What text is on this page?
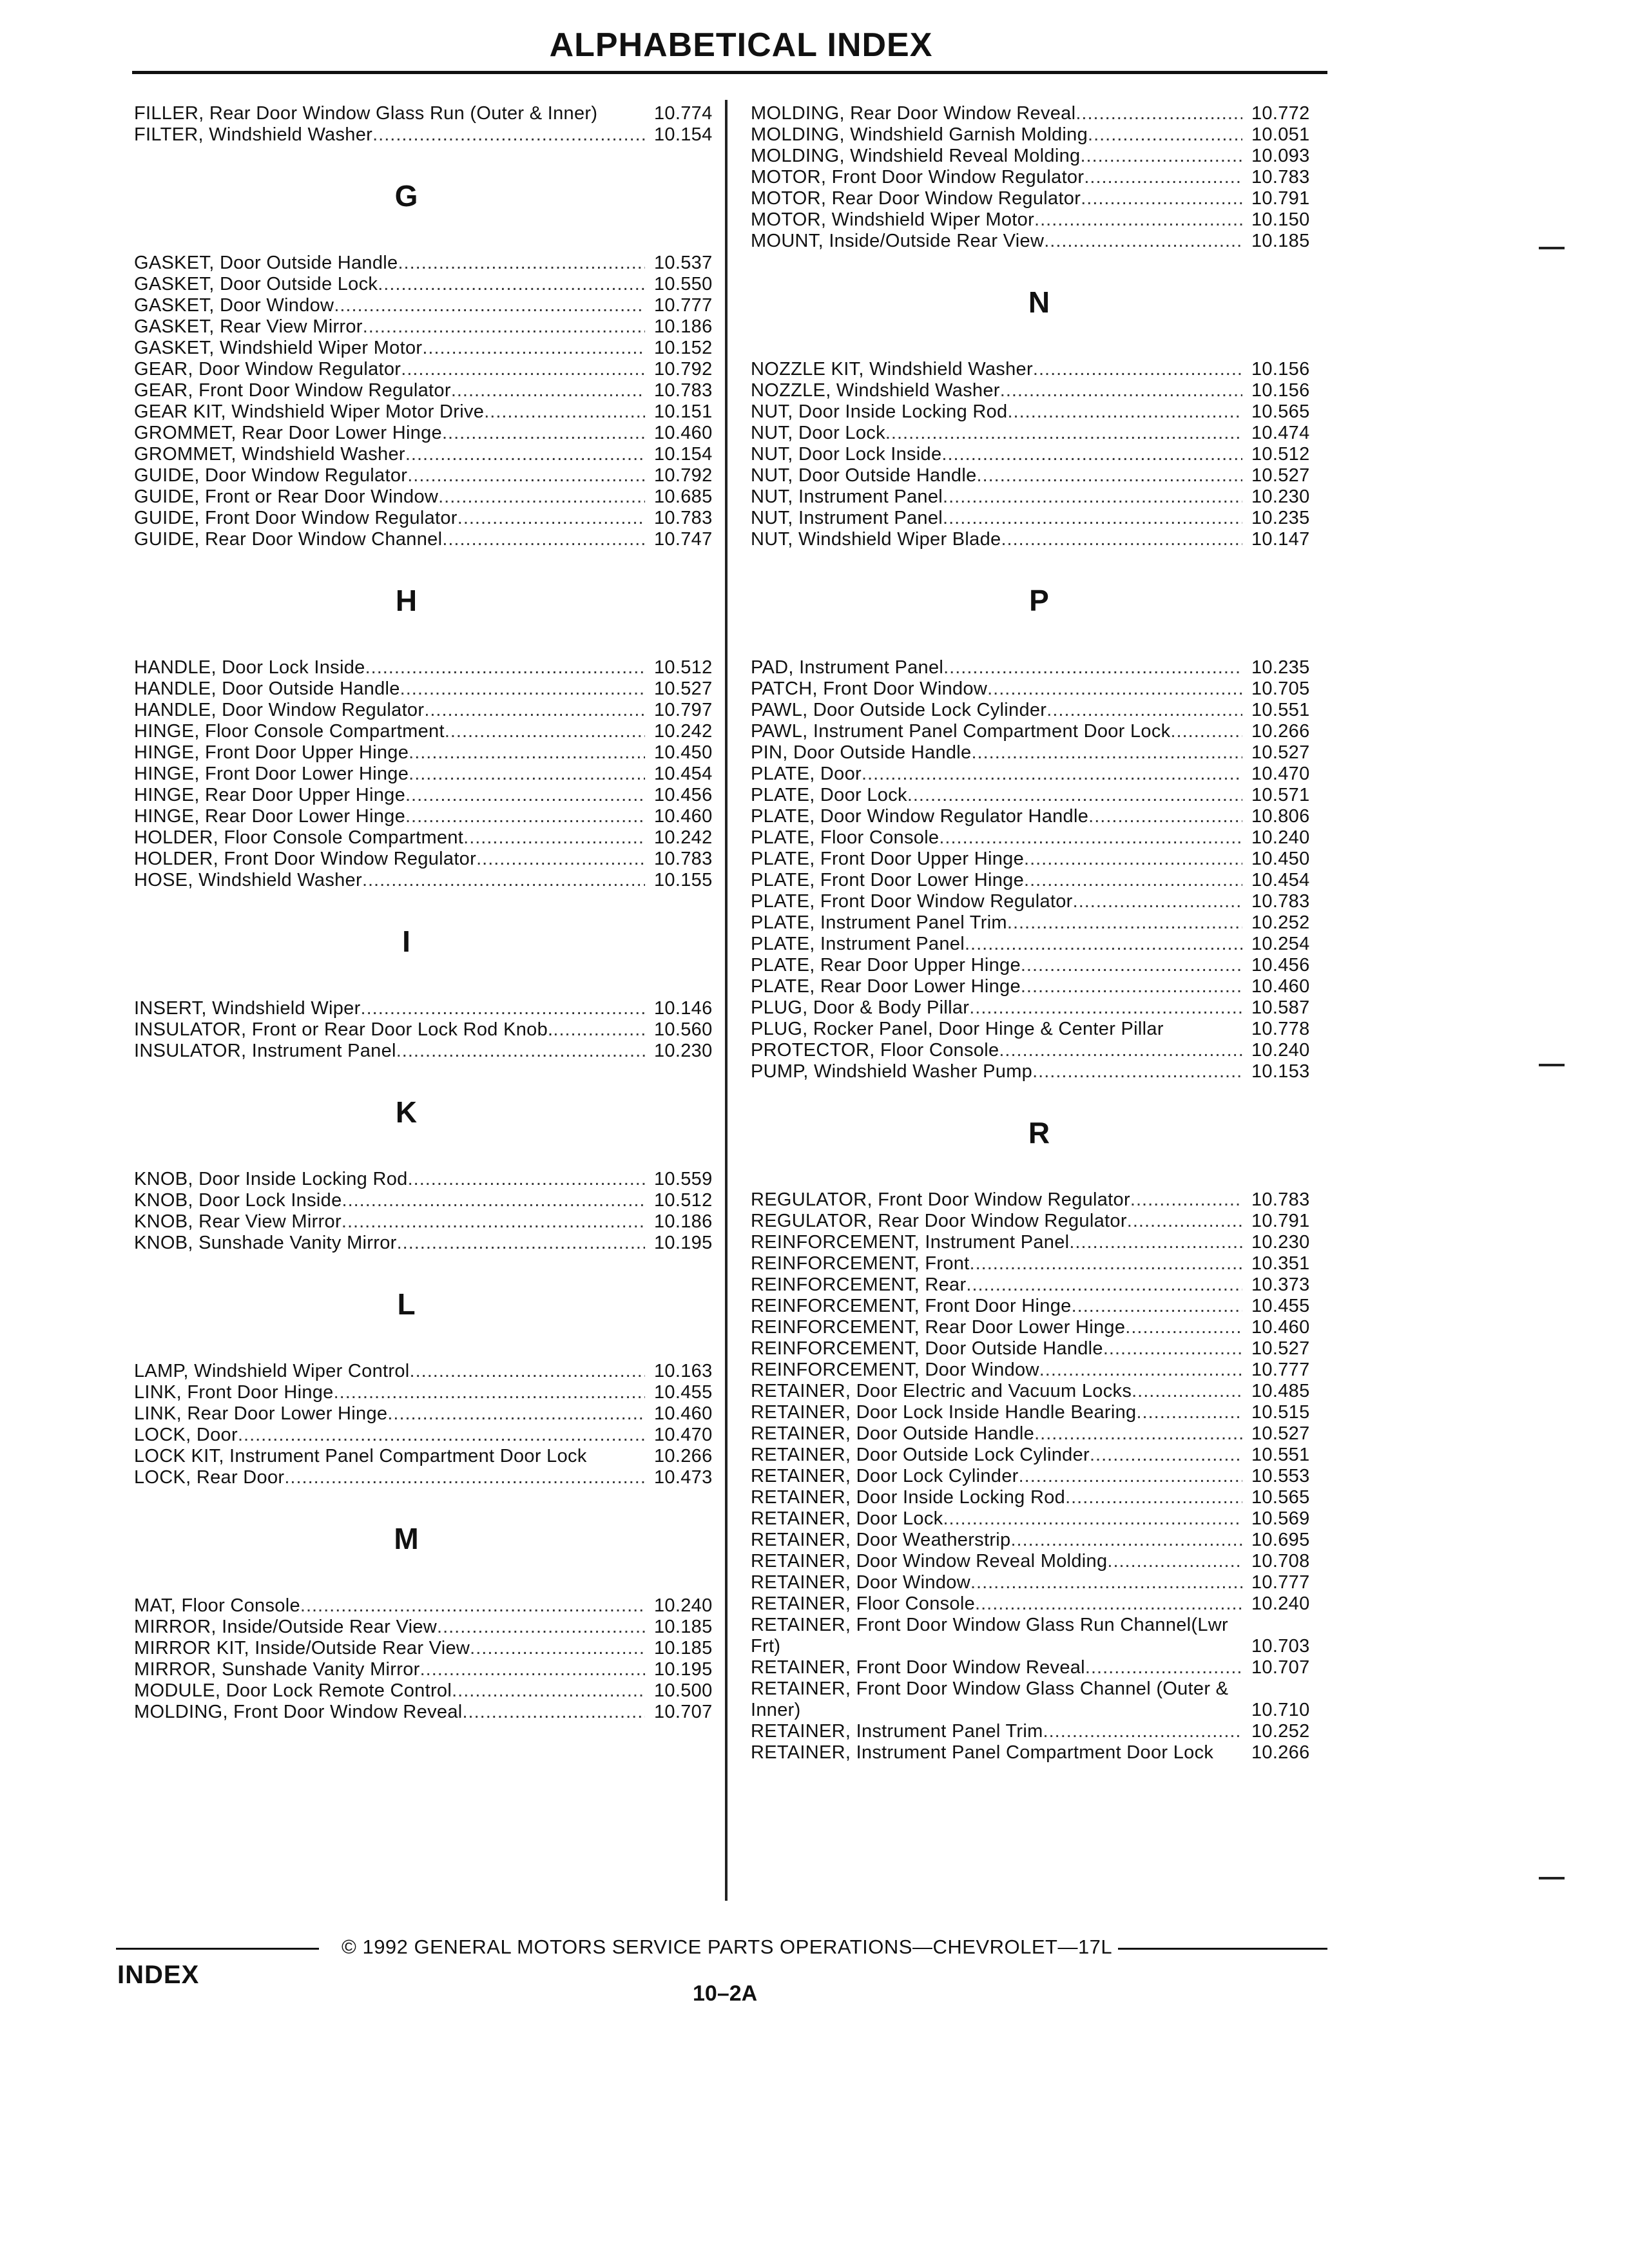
ALPHABETICAL INDEX
FILLER, Rear Door Window Glass Run (Outer & Inner)	10.774
FILTER, Windshield Washer .....	10.154
G
GASKET, Door Outside Handle .....	10.537
GASKET, Door Outside Lock .....	10.550
GASKET, Door Window .....	10.777
GASKET, Rear View Mirror .....	10.186
GASKET, Windshield Wiper Motor .....	10.152
GEAR, Door Window Regulator .....	10.792
GEAR, Front Door Window Regulator .....	10.783
GEAR KIT, Windshield Wiper Motor Drive .....	10.151
GROMMET, Rear Door Lower Hinge .....	10.460
GROMMET, Windshield Washer .....	10.154
GUIDE, Door Window Regulator .....	10.792
GUIDE, Front or Rear Door Window .....	10.685
GUIDE, Front Door Window Regulator .....	10.783
GUIDE, Rear Door Window Channel .....	10.747
H
HANDLE, Door Lock Inside .....	10.512
HANDLE, Door Outside Handle .....	10.527
HANDLE, Door Window Regulator .....	10.797
HINGE, Floor Console Compartment .....	10.242
HINGE, Front Door Upper Hinge .....	10.450
HINGE, Front Door Lower Hinge .....	10.454
HINGE, Rear Door Upper Hinge .....	10.456
HINGE, Rear Door Lower Hinge .....	10.460
HOLDER, Floor Console Compartment .....	10.242
HOLDER, Front Door Window Regulator .....	10.783
HOSE, Windshield Washer .....	10.155
I
INSERT, Windshield Wiper .....	10.146
INSULATOR, Front or Rear Door Lock Rod Knob. .....	10.560
INSULATOR, Instrument Panel .....	10.230
K
KNOB, Door Inside Locking Rod .....	10.559
KNOB, Door Lock Inside .....	10.512
KNOB, Rear View Mirror .....	10.186
KNOB, Sunshade Vanity Mirror .....	10.195
L
LAMP, Windshield Wiper Control .....	10.163
LINK, Front Door Hinge .....	10.455
LINK, Rear Door Lower Hinge .....	10.460
LOCK, Door .....	10.470
LOCK KIT, Instrument Panel Compartment Door Lock	10.266
LOCK, Rear Door .....	10.473
M
MAT, Floor Console .....	10.240
MIRROR, Inside/Outside Rear View .....	10.185
MIRROR KIT, Inside/Outside Rear View .....	10.185
MIRROR, Sunshade Vanity Mirror .....	10.195
MODULE, Door Lock Remote Control .....	10.500
MOLDING, Front Door Window Reveal .....	10.707
MOLDING, Rear Door Window Reveal .....	10.772
MOLDING, Windshield Garnish Molding .....	10.051
MOLDING, Windshield Reveal Molding .....	10.093
MOTOR, Front Door Window Regulator .....	10.783
MOTOR, Rear Door Window Regulator .....	10.791
MOTOR, Windshield Wiper Motor .....	10.150
MOUNT, Inside/Outside Rear View .....	10.185
N
NOZZLE KIT, Windshield Washer .....	10.156
NOZZLE, Windshield Washer .....	10.156
NUT, Door Inside Locking Rod .....	10.565
NUT, Door Lock .....	10.474
NUT, Door Lock Inside .....	10.512
NUT, Door Outside Handle .....	10.527
NUT, Instrument Panel .....	10.230
NUT, Instrument Panel .....	10.235
NUT, Windshield Wiper Blade .....	10.147
P
PAD, Instrument Panel .....	10.235
PATCH, Front Door Window .....	10.705
PAWL, Door Outside Lock Cylinder .....	10.551
PAWL, Instrument Panel Compartment Door Lock .....	10.266
PIN, Door Outside Handle .....	10.527
PLATE, Door .....	10.470
PLATE, Door Lock .....	10.571
PLATE, Door Window Regulator Handle .....	10.806
PLATE, Floor Console .....	10.240
PLATE, Front Door Upper Hinge .....	10.450
PLATE, Front Door Lower Hinge .....	10.454
PLATE, Front Door Window Regulator .....	10.783
PLATE, Instrument Panel Trim .....	10.252
PLATE, Instrument Panel .....	10.254
PLATE, Rear Door Upper Hinge .....	10.456
PLATE, Rear Door Lower Hinge .....	10.460
PLUG, Door & Body Pillar .....	10.587
PLUG, Rocker Panel, Door Hinge & Center Pillar	10.778
PROTECTOR, Floor Console .....	10.240
PUMP, Windshield Washer Pump .....	10.153
R
REGULATOR, Front Door Window Regulator .....	10.783
REGULATOR, Rear Door Window Regulator .....	10.791
REINFORCEMENT, Instrument Panel .....	10.230
REINFORCEMENT, Front .....	10.351
REINFORCEMENT, Rear .....	10.373
REINFORCEMENT, Front Door Hinge .....	10.455
REINFORCEMENT, Rear Door Lower Hinge .....	10.460
REINFORCEMENT, Door Outside Handle .....	10.527
REINFORCEMENT, Door Window .....	10.777
RETAINER, Door Electric and Vacuum Locks .....	10.485
RETAINER, Door Lock Inside Handle Bearing .....	10.515
RETAINER, Door Outside Handle .....	10.527
RETAINER, Door Outside Lock Cylinder .....	10.551
RETAINER, Door Lock Cylinder .....	10.553
RETAINER, Door Inside Locking Rod .....	10.565
RETAINER, Door Lock .....	10.569
RETAINER, Door Weatherstrip .....	10.695
RETAINER, Door Window Reveal Molding .....	10.708
RETAINER, Door Window .....	10.777
RETAINER, Floor Console .....	10.240
RETAINER, Front Door Window Glass Run Channel(Lwr Frt)	10.703
RETAINER, Front Door Window Reveal .....	10.707
RETAINER, Front Door Window Glass Channel (Outer & Inner)	10.710
RETAINER, Instrument Panel Trim .....	10.252
RETAINER, Instrument Panel Compartment Door Lock	10.266
© 1992 GENERAL MOTORS SERVICE PARTS OPERATIONS—CHEVROLET—17L
INDEX
10–2A
